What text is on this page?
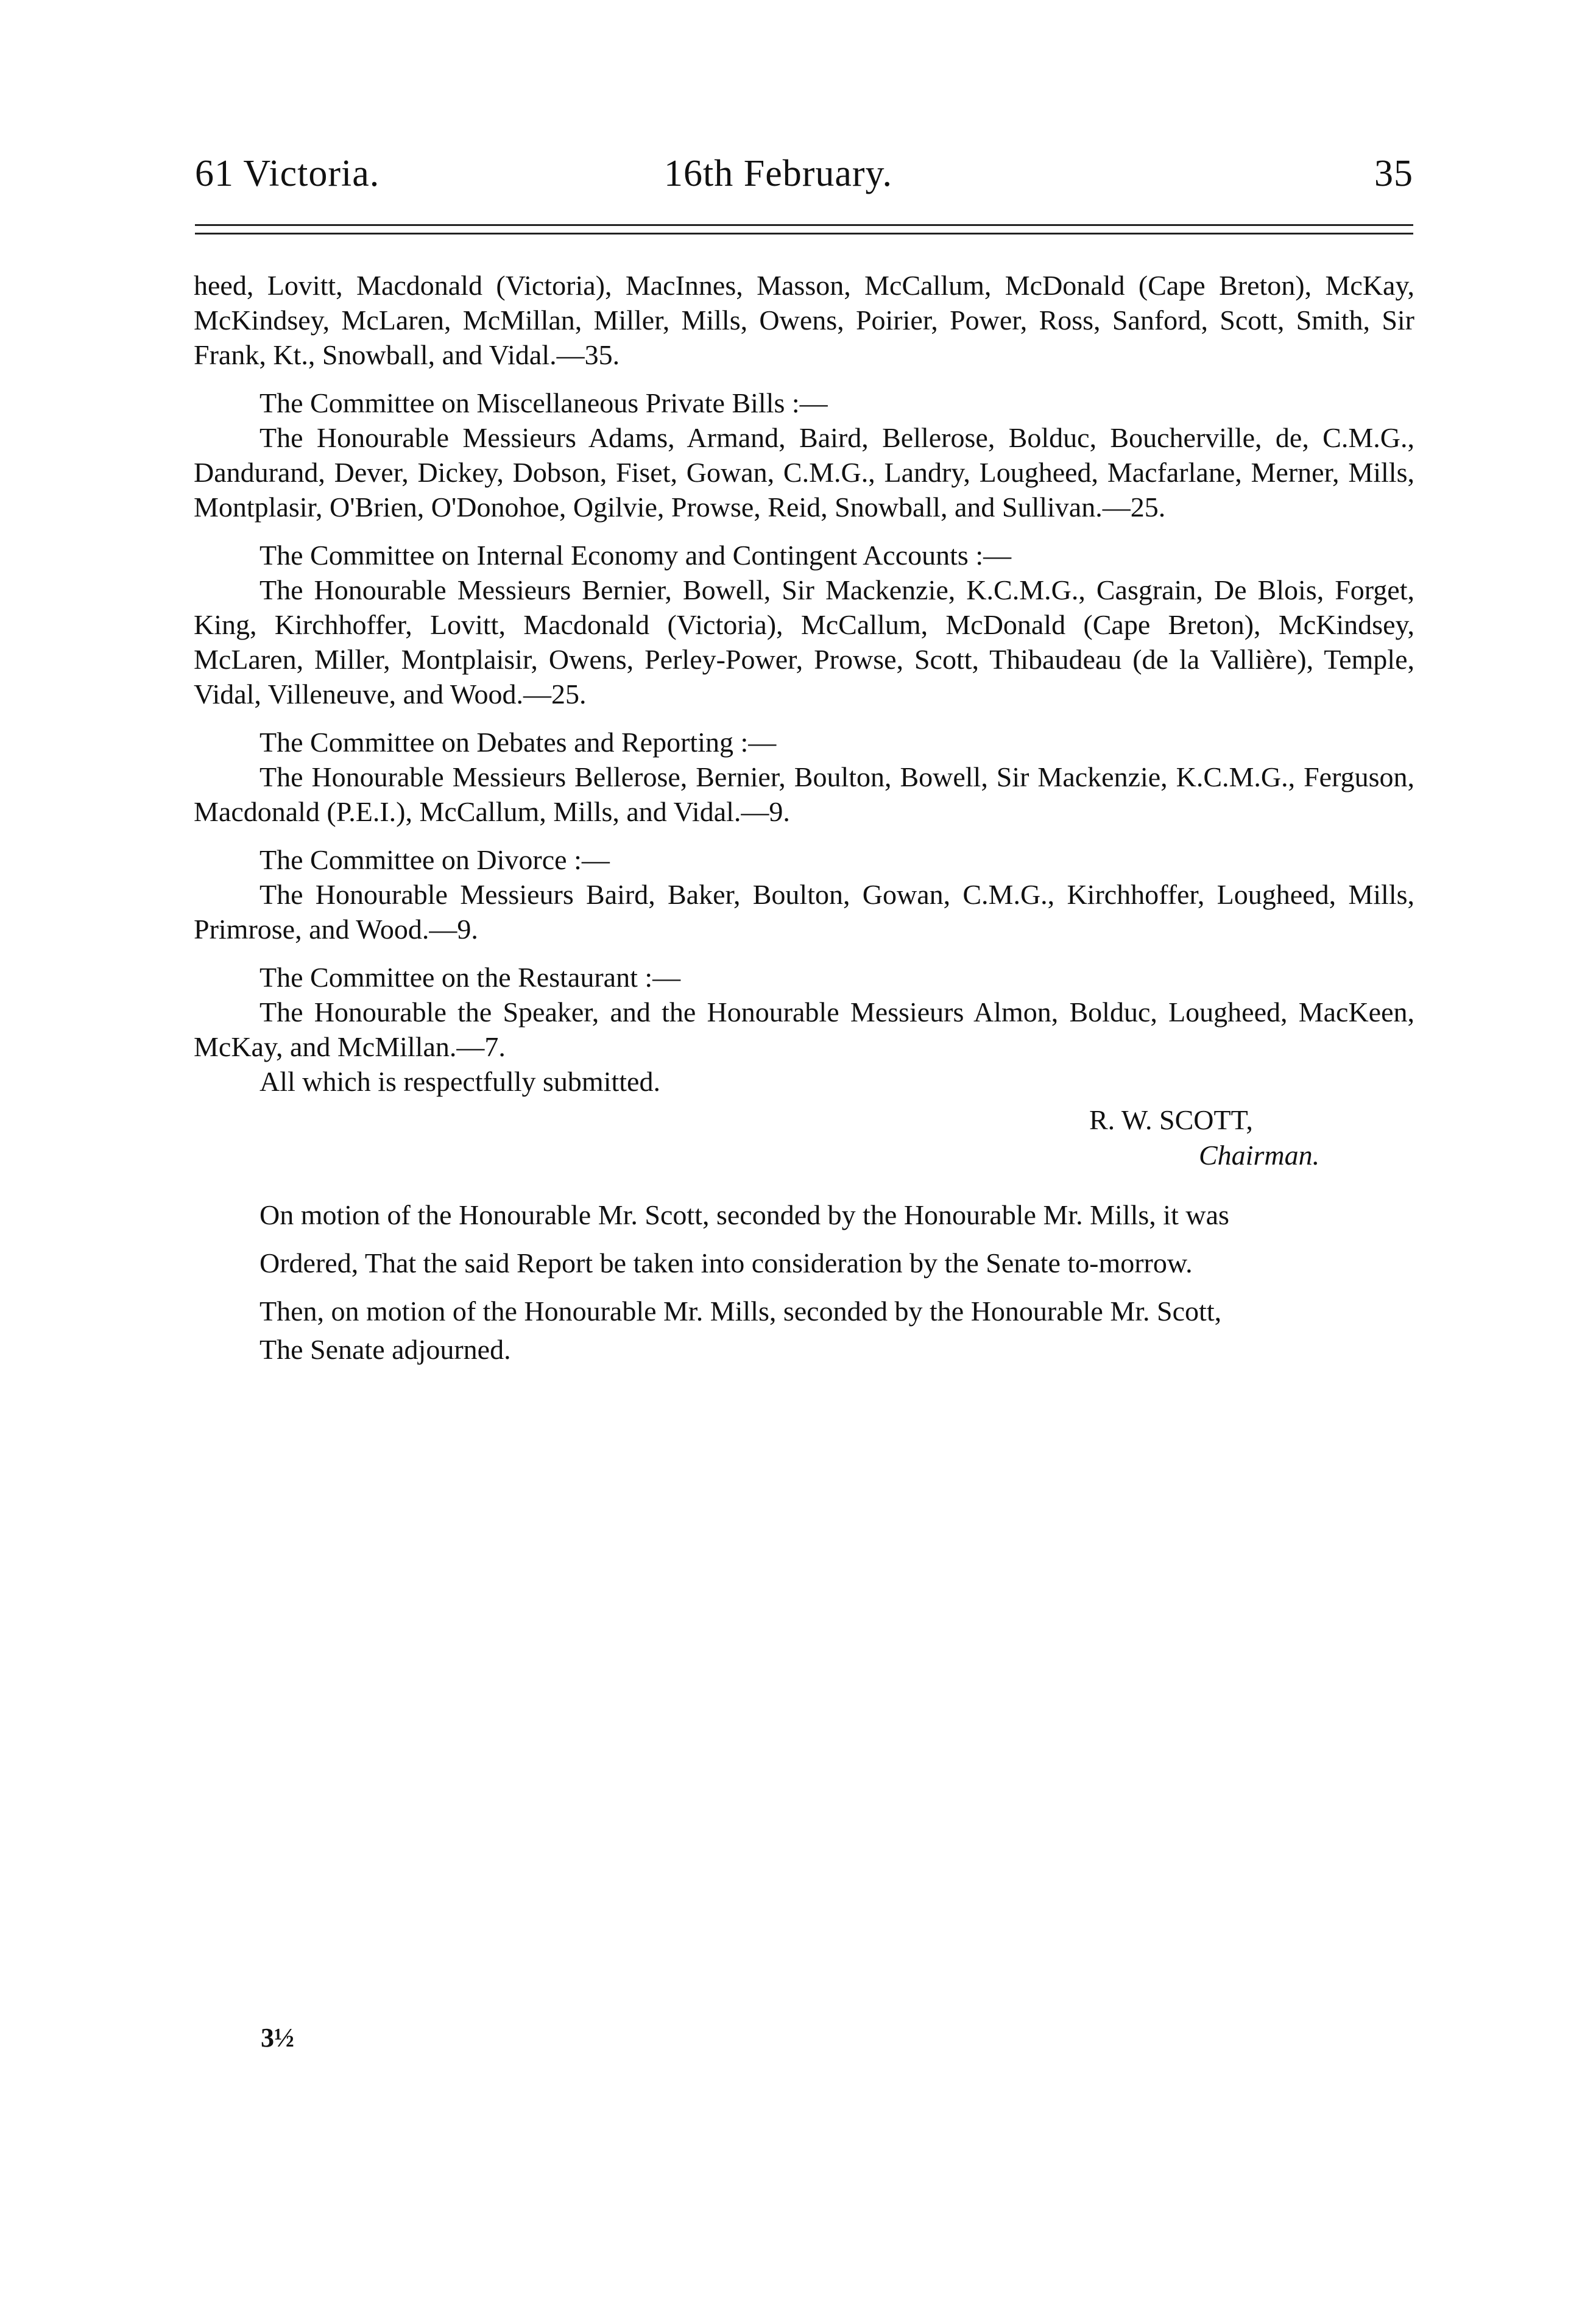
61 Victoria.	16th February.	35

heed, Lovitt, Macdonald (Victoria), MacInnes, Masson, McCallum, McDonald (Cape Breton), McKay, McKindsey, McLaren, McMillan, Miller, Mills, Owens, Poirier, Power, Ross, Sanford, Scott, Smith, Sir Frank, Kt., Snowball, and Vidal.—35.

The Committee on Miscellaneous Private Bills :—

The Honourable Messieurs Adams, Armand, Baird, Bellerose, Bolduc, Boucherville, de, C.M.G., Dandurand, Dever, Dickey, Dobson, Fiset, Gowan, C.M.G., Landry, Lougheed, Macfarlane, Merner, Mills, Montplasir, O'Brien, O'Donohoe, Ogilvie, Prowse, Reid, Snowball, and Sullivan.—25.

The Committee on Internal Economy and Contingent Accounts :—

The Honourable Messieurs Bernier, Bowell, Sir Mackenzie, K.C.M.G., Casgrain, De Blois, Forget, King, Kirchhoffer, Lovitt, Macdonald (Victoria), McCallum, McDonald (Cape Breton), McKindsey, McLaren, Miller, Montplaisir, Owens, Perley-Power, Prowse, Scott, Thibaudeau (de la Vallière), Temple, Vidal, Villeneuve, and Wood.—25.

The Committee on Debates and Reporting :—

The Honourable Messieurs Bellerose, Bernier, Boulton, Bowell, Sir Mackenzie, K.C.M.G., Ferguson, Macdonald (P.E.I.), McCallum, Mills, and Vidal.—9.

The Committee on Divorce :—

The Honourable Messieurs Baird, Baker, Boulton, Gowan, C.M.G., Kirchhoffer, Lougheed, Mills, Primrose, and Wood.—9.

The Committee on the Restaurant :—

The Honourable the Speaker, and the Honourable Messieurs Almon, Bolduc, Lougheed, MacKeen, McKay, and McMillan.—7.

All which is respectfully submitted.

R. W. SCOTT,
Chairman.

On motion of the Honourable Mr. Scott, seconded by the Honourable Mr. Mills, it was

Ordered, That the said Report be taken into consideration by the Senate to-morrow.

Then, on motion of the Honourable Mr. Mills, seconded by the Honourable Mr. Scott,

The Senate adjourned.

3½
